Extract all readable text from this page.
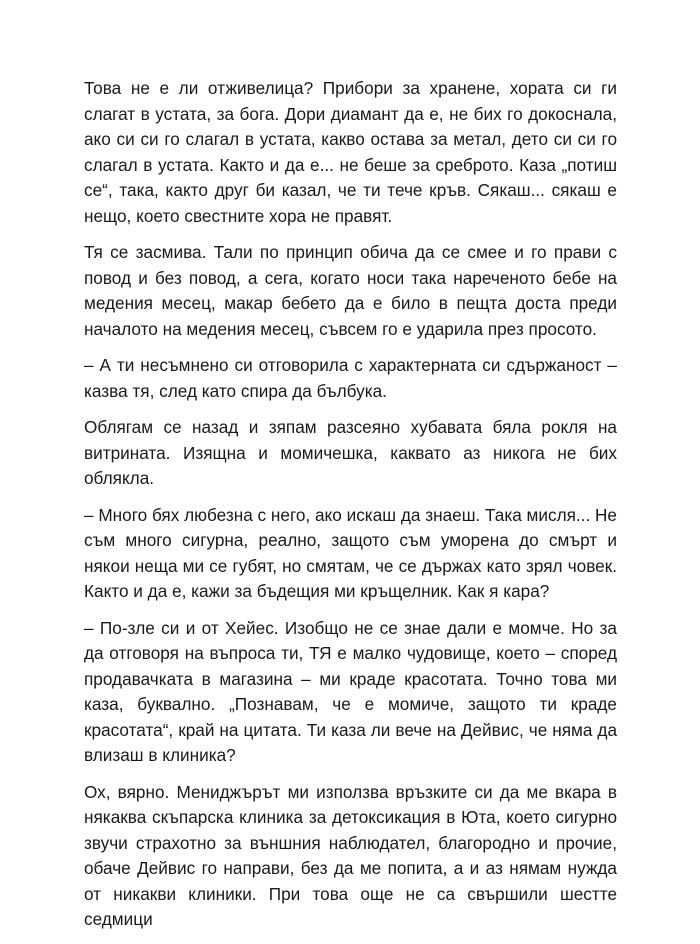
Това не е ли отживелица? Прибори за хранене, хората си ги слагат в устата, за бога. Дори диамант да е, не бих го докоснала, ако си си го слагал в устата, какво остава за метал, дето си си го слагал в устата. Както и да е... не беше за среброто. Каза „потиш се“, така, както друг би казал, че ти тече кръв. Сякаш... сякаш е нещо, което свестните хора не правят.

Тя се засмива. Тали по принцип обича да се смее и го прави с повод и без повод, а сега, когато носи така нареченото бебе на медения месец, макар бебето да е било в пещта доста преди началото на медения месец, съвсем го е ударила през просото.

– А ти несъмнено си отговорила с характерната си сдържаност – казва тя, след като спира да бълбука.

Облягам се назад и зяпам разсеяно хубавата бяла рокля на витрината. Изящна и момичешка, каквато аз никога не бих облякла.

– Много бях любезна с него, ако искаш да знаеш. Така мисля... Не съм много сигурна, реално, защото съм уморена до смърт и някои неща ми се губят, но смятам, че се държах като зрял човек. Както и да е, кажи за бъдещия ми кръщелник. Как я кара?

– По-зле си и от Хейес. Изобщо не се знае дали е момче. Но за да отговоря на въпроса ти, ТЯ е малко чудовище, което – според продавачката в магазина – ми краде красотата. Точно това ми каза, буквално. „Познавам, че е момиче, защото ти краде красотата“, край на цитата. Ти каза ли вече на Дейвис, че няма да влизаш в клиника?

Ох, вярно. Мениджърът ми използва връзките си да ме вкара в някаква скъпарска клиника за детоксикация в Юта, което сигурно звучи страхотно за външния наблюдател, благородно и прочие, обаче Дейвис го направи, без да ме попита, а и аз нямам нужда от никакви клиники. При това още не са свършили шестте седмици
